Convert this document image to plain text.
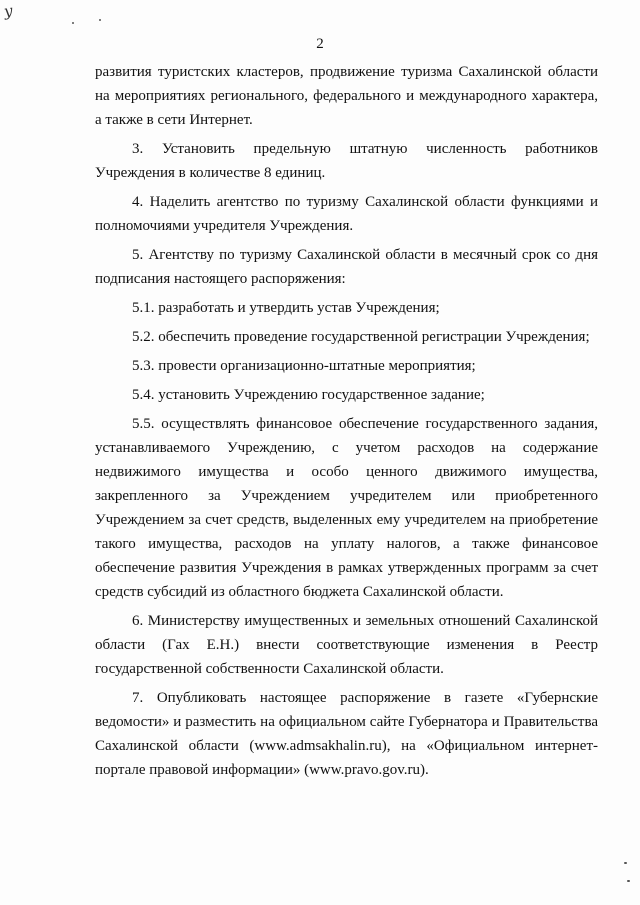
у
2

развития туристских кластеров, продвижение туризма Сахалинской области на мероприятиях регионального, федерального и международного характера, а также в сети Интернет.

3. Установить предельную штатную численность работников Учреждения в количестве 8 единиц.

4. Наделить агентство по туризму Сахалинской области функциями и полномочиями учредителя Учреждения.

5. Агентству по туризму Сахалинской области в месячный срок со дня подписания настоящего распоряжения:

5.1. разработать и утвердить устав Учреждения;

5.2. обеспечить проведение государственной регистрации Учреждения;

5.3. провести организационно-штатные мероприятия;

5.4. установить Учреждению государственное задание;

5.5. осуществлять финансовое обеспечение государственного задания, устанавливаемого Учреждению, с учетом расходов на содержание недвижимого имущества и особо ценного движимого имущества, закрепленного за Учреждением учредителем или приобретенного Учреждением за счет средств, выделенных ему учредителем на приобретение такого имущества, расходов на уплату налогов, а также финансовое обеспечение развития Учреждения в рамках утвержденных программ за счет средств субсидий из областного бюджета Сахалинской области.

6. Министерству имущественных и земельных отношений Сахалинской области (Гах Е.Н.) внести соответствующие изменения в Реестр государственной собственности Сахалинской области.

7. Опубликовать настоящее распоряжение в газете «Губернские ведомости» и разместить на официальном сайте Губернатора и Правительства Сахалинской области (www.admsakhalin.ru), на «Официальном интернет-портале правовой информации» (www.pravo.gov.ru).
